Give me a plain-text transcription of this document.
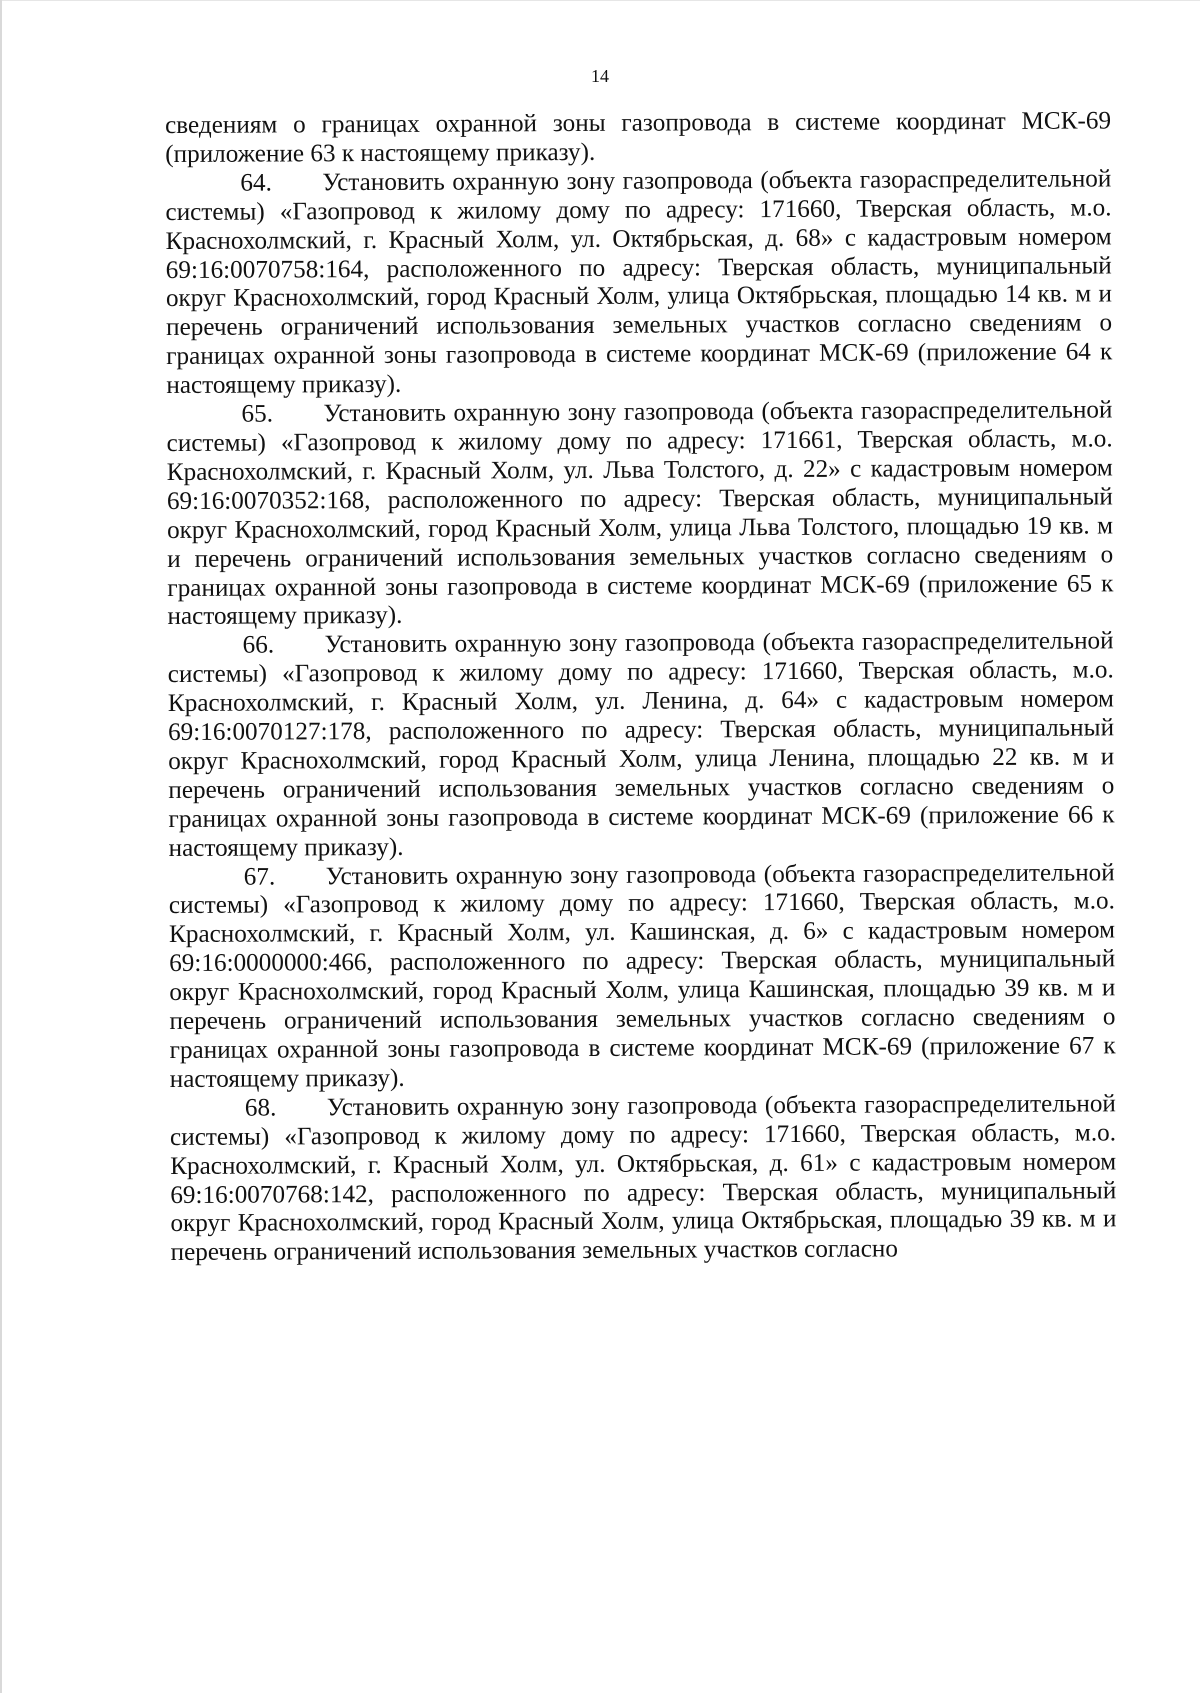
14

сведениям о границах охранной зоны газопровода в системе координат МСК-69 (приложение 63 к настоящему приказу).

64. Установить охранную зону газопровода (объекта газораспределительной системы) «Газопровод к жилому дому по адресу: 171660, Тверская область, м.о. Краснохолмский, г. Красный Холм, ул. Октябрьская, д. 68» с кадастровым номером 69:16:0070758:164, расположенного по адресу: Тверская область, муниципальный округ Краснохолмский, город Красный Холм, улица Октябрьская, площадью 14 кв. м и перечень ограничений использования земельных участков согласно сведениям о границах охранной зоны газопровода в системе координат МСК-69 (приложение 64 к настоящему приказу).

65. Установить охранную зону газопровода (объекта газораспределительной системы) «Газопровод к жилому дому по адресу: 171661, Тверская область, м.о. Краснохолмский, г. Красный Холм, ул. Льва Толстого, д. 22» с кадастровым номером 69:16:0070352:168, расположенного по адресу: Тверская область, муниципальный округ Краснохолмский, город Красный Холм, улица Льва Толстого, площадью 19 кв. м и перечень ограничений использования земельных участков согласно сведениям о границах охранной зоны газопровода в системе координат МСК-69 (приложение 65 к настоящему приказу).

66. Установить охранную зону газопровода (объекта газораспределительной системы) «Газопровод к жилому дому по адресу: 171660, Тверская область, м.о. Краснохолмский, г. Красный Холм, ул. Ленина, д. 64» с кадастровым номером 69:16:0070127:178, расположенного по адресу: Тверская область, муниципальный округ Краснохолмский, город Красный Холм, улица Ленина, площадью 22 кв. м и перечень ограничений использования земельных участков согласно сведениям о границах охранной зоны газопровода в системе координат МСК-69 (приложение 66 к настоящему приказу).

67. Установить охранную зону газопровода (объекта газораспределительной системы) «Газопровод к жилому дому по адресу: 171660, Тверская область, м.о. Краснохолмский, г. Красный Холм, ул. Кашинская, д. 6» с кадастровым номером 69:16:0000000:466, расположенного по адресу: Тверская область, муниципальный округ Краснохолмский, город Красный Холм, улица Кашинская, площадью 39 кв. м и перечень ограничений использования земельных участков согласно сведениям о границах охранной зоны газопровода в системе координат МСК-69 (приложение 67 к настоящему приказу).

68. Установить охранную зону газопровода (объекта газораспределительной системы) «Газопровод к жилому дому по адресу: 171660, Тверская область, м.о. Краснохолмский, г. Красный Холм, ул. Октябрьская, д. 61» с кадастровым номером 69:16:0070768:142, расположенного по адресу: Тверская область, муниципальный округ Краснохолмский, город Красный Холм, улица Октябрьская, площадью 39 кв. м и перечень ограничений использования земельных участков согласно
